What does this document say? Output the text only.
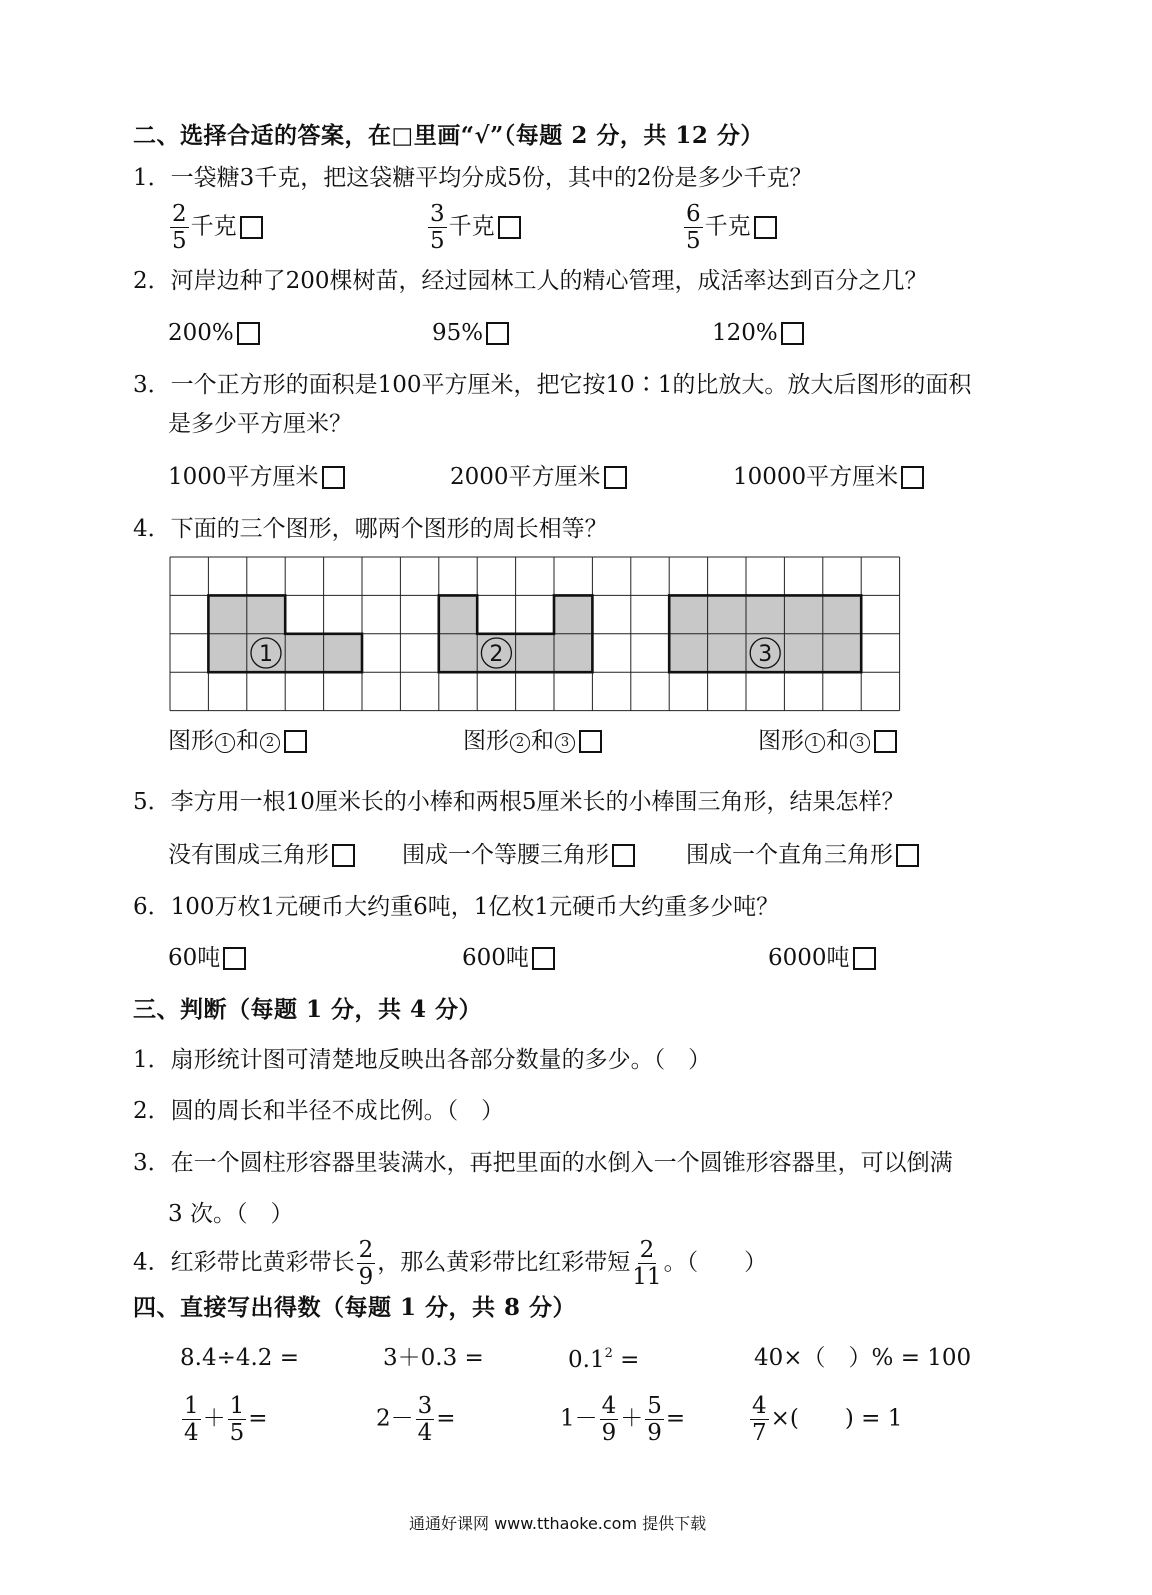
二、选择合适的答案，在□里画“√”（每题 2 分，共 12 分）
1．一袋糖3千克，把这袋糖平均分成5份，其中的2份是多少千克？
$\frac{2}{5}$ 千克	$\frac{3}{5}$ 千克	$\frac{6}{5}$ 千克
2．河岸边种了200棵树苗，经过园林工人的精心管理，成活率达到百分之几？
200%	95%	120%
3．一个正方形的面积是100平方厘米，把它按10∶1的比放大。放大后图形的面积
是多少平方厘米？
1000平方厘米	2000平方厘米	10000平方厘米
4．下面的三个图形，哪两个图形的周长相等？
1	2	3
图形 1 和 2	图形 2 和 3	图形 1 和 3
5．李方用一根10厘米长的小棒和两根5厘米长的小棒围三角形，结果怎样？
没有围成三角形	围成一个等腰三角形	围成一个直角三角形
6．100万枚1元硬币大约重6吨，1亿枚1元硬币大约重多少吨？
60吨	600吨	6000吨
三、判断（每题 1 分，共 4 分）
1．扇形统计图可清楚地反映出各部分数量的多少。（　）
2．圆的周长和半径不成比例。（　）
3．在一个圆柱形容器里装满水，再把里面的水倒入一个圆锥形容器里，可以倒满
3 次。（　）
4．红彩带比黄彩带长 $\frac{2}{9}$ ，那么黄彩带比红彩带短 $\frac{2}{11}$ 。（　　）
四、直接写出得数（每题 1 分，共 8 分）
8.4÷4.2 =	3＋0.3 =	$0.1^2$ =	40×（　）% = 100
$\frac{1}{4} + \frac{1}{5}$ =	$2- \frac{3}{4}$ =	$1- \frac{4}{9} + \frac{5}{9}$ =	$\frac{4}{7}$ ×(　　) = 1
通通好课网 www.tthaoke.com 提供下载
